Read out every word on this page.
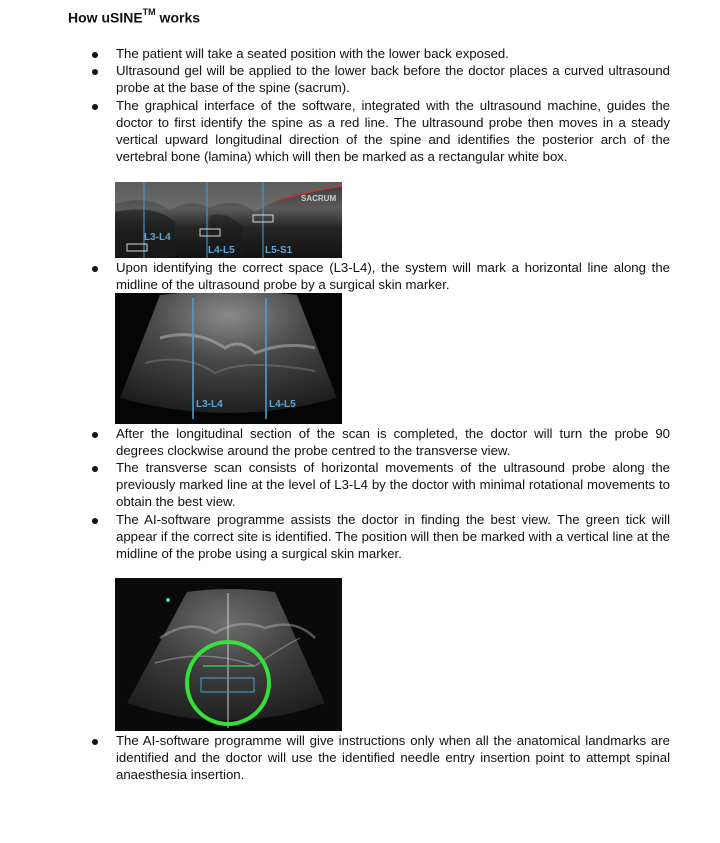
How uSINE™ works
The patient will take a seated position with the lower back exposed.
Ultrasound gel will be applied to the lower back before the doctor places a curved ultrasound probe at the base of the spine (sacrum).
The graphical interface of the software, integrated with the ultrasound machine, guides the doctor to first identify the spine as a red line. The ultrasound probe then moves in a steady vertical upward longitudinal direction of the spine and identifies the posterior arch of the vertebral bone (lamina) which will then be marked as a rectangular white box.
L3-L4
L4-L5	L5-S1
SACRUM
Upon identifying the correct space (L3-L4), the system will mark a horizontal line along the midline of the ultrasound probe by a surgical skin marker.
L3-L4	L4-L5
After the longitudinal section of the scan is completed, the doctor will turn the probe 90 degrees clockwise around the probe centred to the transverse view.
The transverse scan consists of horizontal movements of the ultrasound probe along the previously marked line at the level of L3-L4 by the doctor with minimal rotational movements to obtain the best view.
The AI-software programme assists the doctor in finding the best view. The green tick will appear if the correct site is identified. The position will then be marked with a vertical line at the midline of the probe using a surgical skin marker.
The AI-software programme will give instructions only when all the anatomical landmarks are identified and the doctor will use the identified needle entry insertion point to attempt spinal anaesthesia insertion.
